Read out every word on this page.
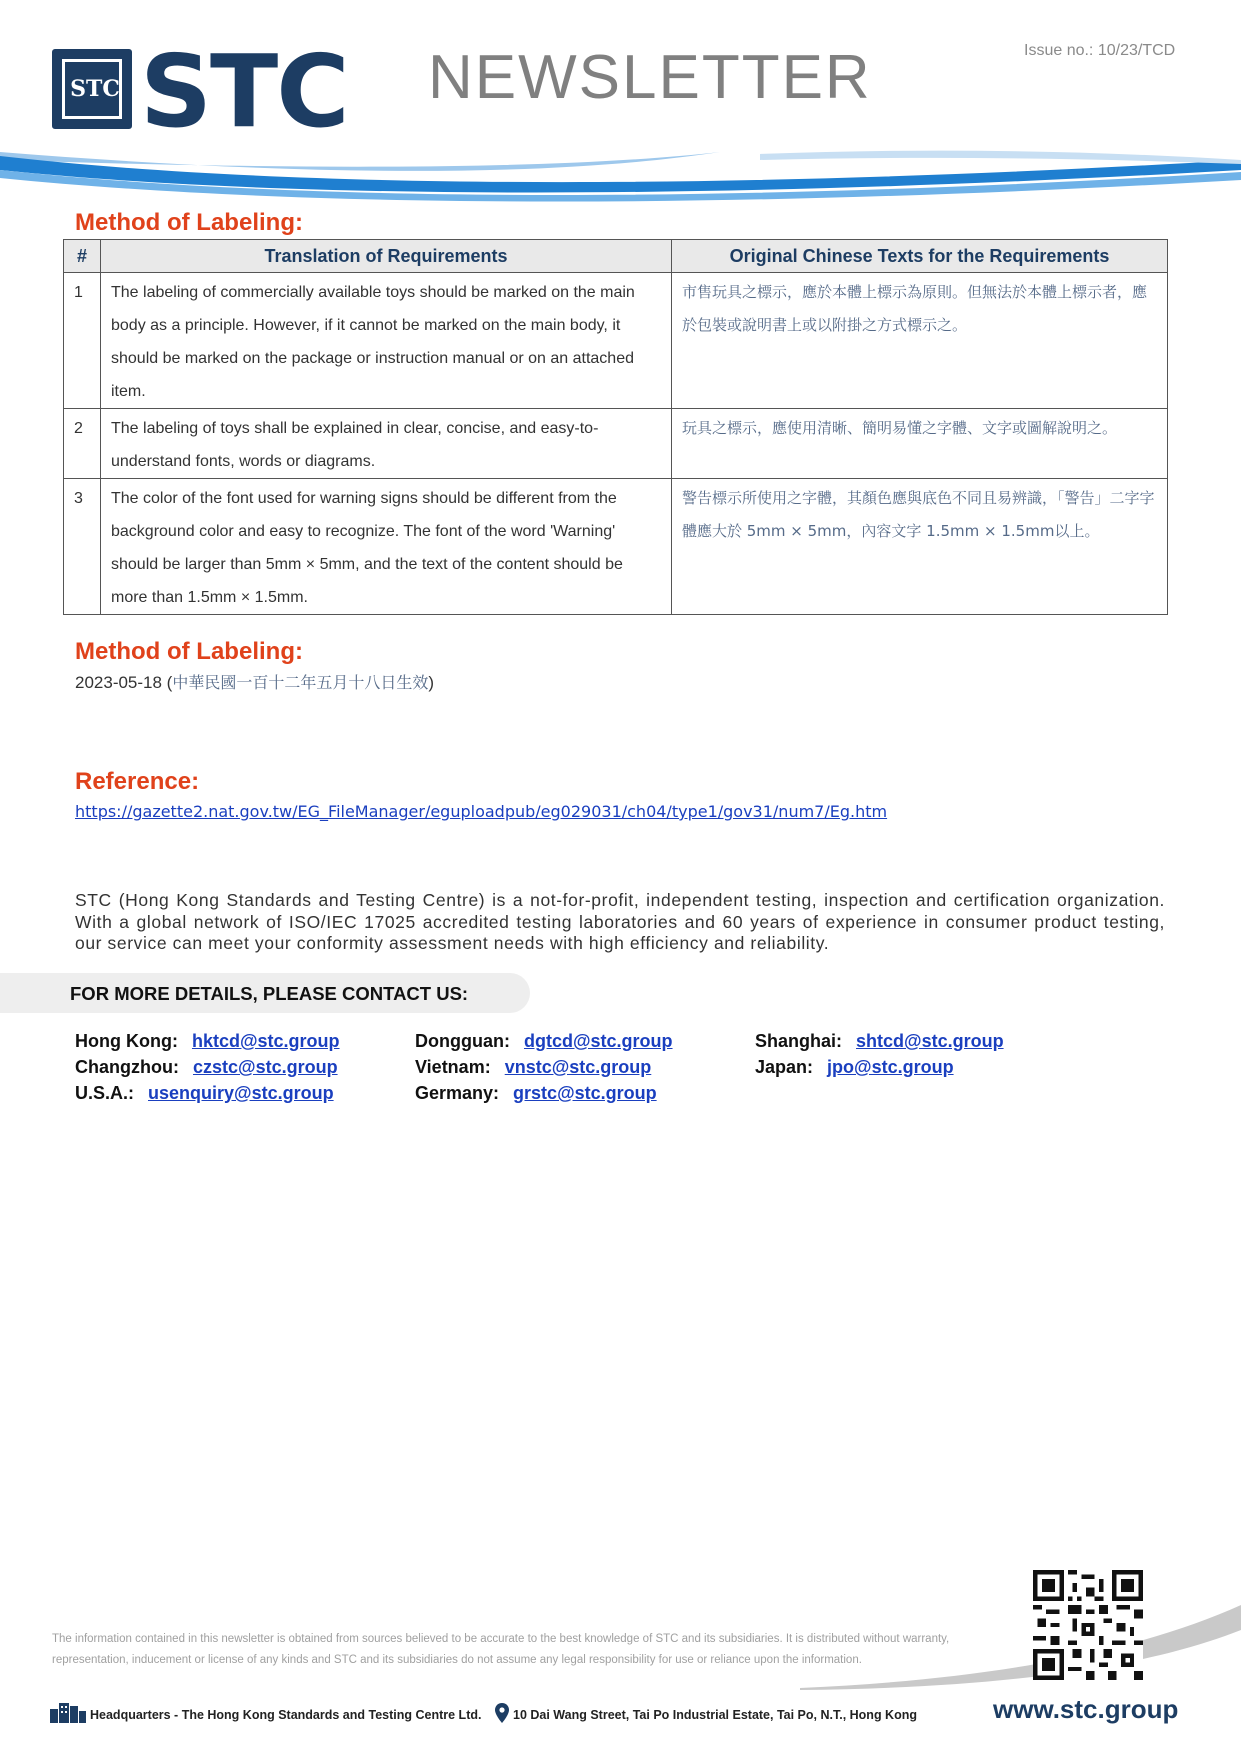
STC STC NEWSLETTER	Issue no.: 10/23/TCD
Method of Labeling:
#	Translation of Requirements	Original Chinese Texts for the Requirements
1	The labeling of commercially available toys should be marked on the main body as a principle. However, if it cannot be marked on the main body, it should be marked on the package or instruction manual or on an attached item.	市售玩具之標示，應於本體上標示為原則。但無法於本體上標示者，應於包裝或說明書上或以附掛之方式標示之。
2	The labeling of toys shall be explained in clear, concise, and easy-to-understand fonts, words or diagrams.	玩具之標示，應使用清晰、簡明易懂之字體、文字或圖解說明之。
3	The color of the font used for warning signs should be different from the background color and easy to recognize. The font of the word 'Warning' should be larger than 5mm × 5mm, and the text of the content should be more than 1.5mm × 1.5mm.	警告標示所使用之字體，其顏色應與底色不同且易辨識，「警告」二字字體應大於 5mm × 5mm，內容文字 1.5mm × 1.5mm以上。
Method of Labeling:
2023-05-18 (中華民國一百十二年五月十八日生效)
Reference:
https://gazette2.nat.gov.tw/EG_FileManager/eguploadpub/eg029031/ch04/type1/gov31/num7/Eg.htm
STC (Hong Kong Standards and Testing Centre) is a not-for-profit, independent testing, inspection and certification organization. With a global network of ISO/IEC 17025 accredited testing laboratories and 60 years of experience in consumer product testing, our service can meet your conformity assessment needs with high efficiency and reliability.
FOR MORE DETAILS, PLEASE CONTACT US:
Hong Kong: hktcd@stc.group	Dongguan: dgtcd@stc.group	Shanghai: shtcd@stc.group
Changzhou: czstc@stc.group	Vietnam: vnstc@stc.group	Japan: jpo@stc.group
U.S.A.: usenquiry@stc.group	Germany: grstc@stc.group
The information contained in this newsletter is obtained from sources believed to be accurate to the best knowledge of STC and its subsidiaries. It is distributed without warranty, representation, inducement or license of any kinds and STC and its subsidiaries do not assume any legal responsibility for use or reliance upon the information.
Headquarters - The Hong Kong Standards and Testing Centre Ltd.	10 Dai Wang Street, Tai Po Industrial Estate, Tai Po, N.T., Hong Kong	www.stc.group
